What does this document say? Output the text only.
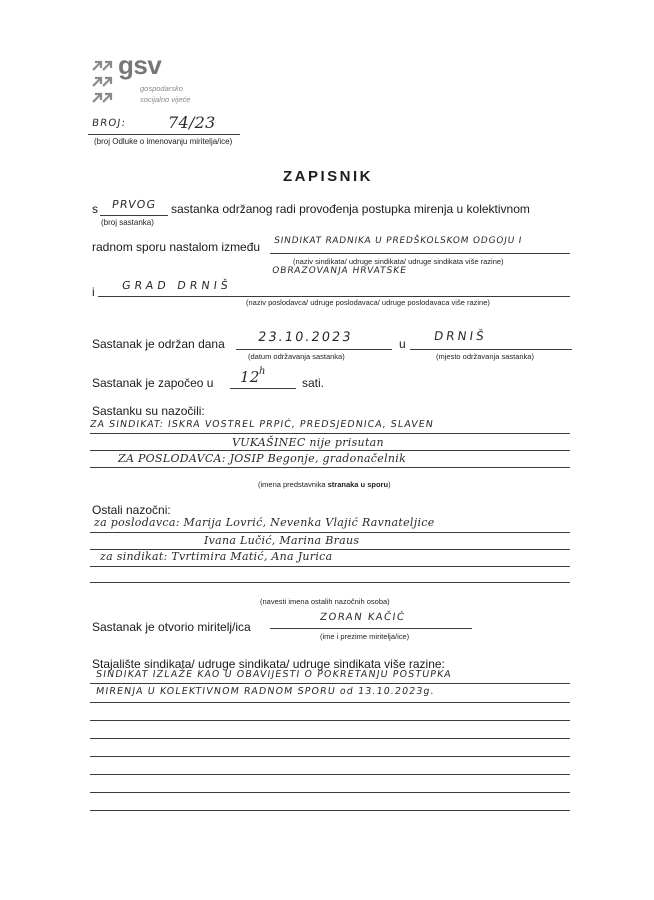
gsv
gospodarsko
socijalno vijeće
BROJ:	74/23
(broj Odluke o imenovanju miritelja/ice)
ZAPISNIK
s PRVOG sastanka održanog radi provođenja postupka mirenja u kolektivnom
(broj sastanka)
radnom sporu nastalom između SINDIKAT RADNIKA U PREDŠKOLSKOM ODGOJU I
(naziv sindikata/ udruge sindikata/ udruge sindikata više razine)
OBRAZOVANJA HRVATSKE
i GRAD DRNIŠ
(naziv poslodavca/ udruge poslodavaca/ udruge poslodavaca više razine)
Sastanak je održan dana 23.10.2023
(datum održavanja sastanka)
u
DRNIŠ
(mjesto održavanja sastanka)
Sastanak je započeo u 12 h
sati.
Sastanku su nazočili:
ZA SINDIKAT: ISKRA VOSTREL PRPIĆ, PREDSJEDNICA, SLAVEN
VUKAŠINEC nije prisutan
ZA POSLODAVCA: JOSIP Begonje, gradonačelnik
(imena predstavnika stranaka u sporu)
Ostali nazočni:
za poslodavca: Marija Lovrić, Nevenka Vlajić Ravnateljice
Ivana Lučić, Marina Braus
za sindikat: Tvrtimira Matić, Ana Jurica
(navesti imena ostalih nazočnih osoba)
Sastanak je otvorio miritelj/ica
ZORAN KAČIĆ
(ime i prezime miritelja/ice)
Stajalište sindikata/ udruge sindikata/ udruge sindikata više razine:
SINDIKAT IZLAŽE KAO U OBAVIJESTI O POKRETANJU POSTUPKA
MIRENJA U KOLEKTIVNOM RADNOM SPORU od 13.10.2023g.
